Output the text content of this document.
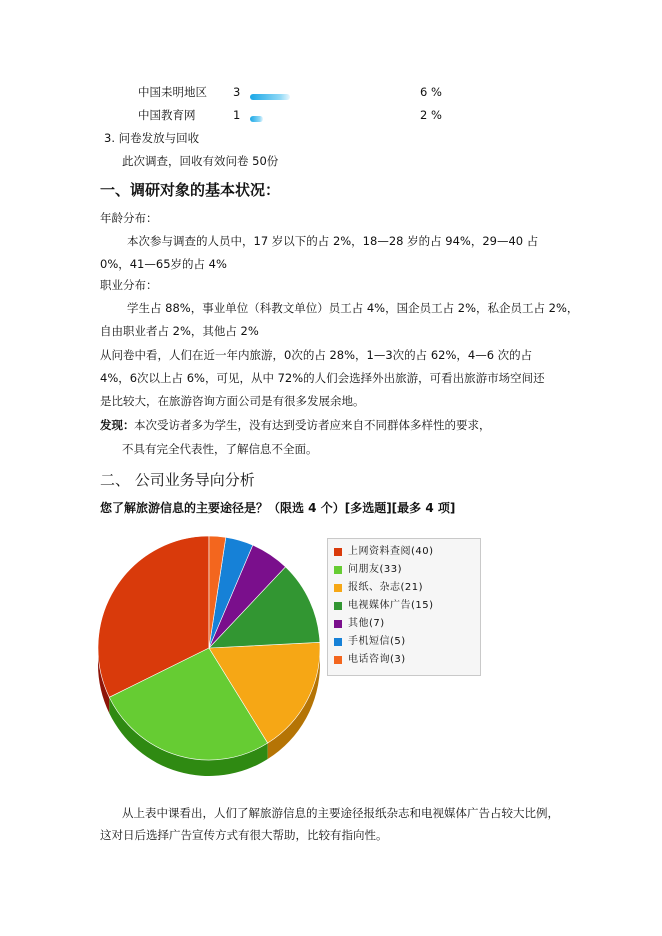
中国耒明地区 3	6 %
中国教育网	1	2 %
3. 问卷发放与回收
此次调查，回收有效问卷 50份
一、调研对象的基本状况：
年龄分布：
本次参与调查的人员中，17 岁以下的占 2%，18—28 岁的占 94%，29—40 占
0%，41—65岁的占 4%
职业分布：
学生占 88%，事业单位（科教文单位）员工占 4%，国企员工占 2%，私企员工占 2%，
自由职业者占 2%，其他占 2%
从问卷中看，人们在近一年内旅游，0次的占 28%，1—3次的占 62%，4—6 次的占
4%，6次以上占 6%，可见，从中 72%的人们会选择外出旅游，可看出旅游市场空间还
是比较大，在旅游咨询方面公司是有很多发展余地。
发现： 本次受访者多为学生，没有达到受访者应来自不同群体多样性的要求，
不具有完全代表性，了解信息不全面。
二、 公司业务导向分析
您了解旅游信息的主要途径是？（限选 4 个）[多选题][最多 4 项]
上网资料查阅(40)
问朋友(33)
报纸、杂志(21)
电视媒体广告(15)
其他(7)
手机短信(5)
电话咨询(3)
从上表中课看出，人们了解旅游信息的主要途径报纸杂志和电视媒体广告占较大比例，
这对日后选择广告宣传方式有很大帮助，比较有指向性。
